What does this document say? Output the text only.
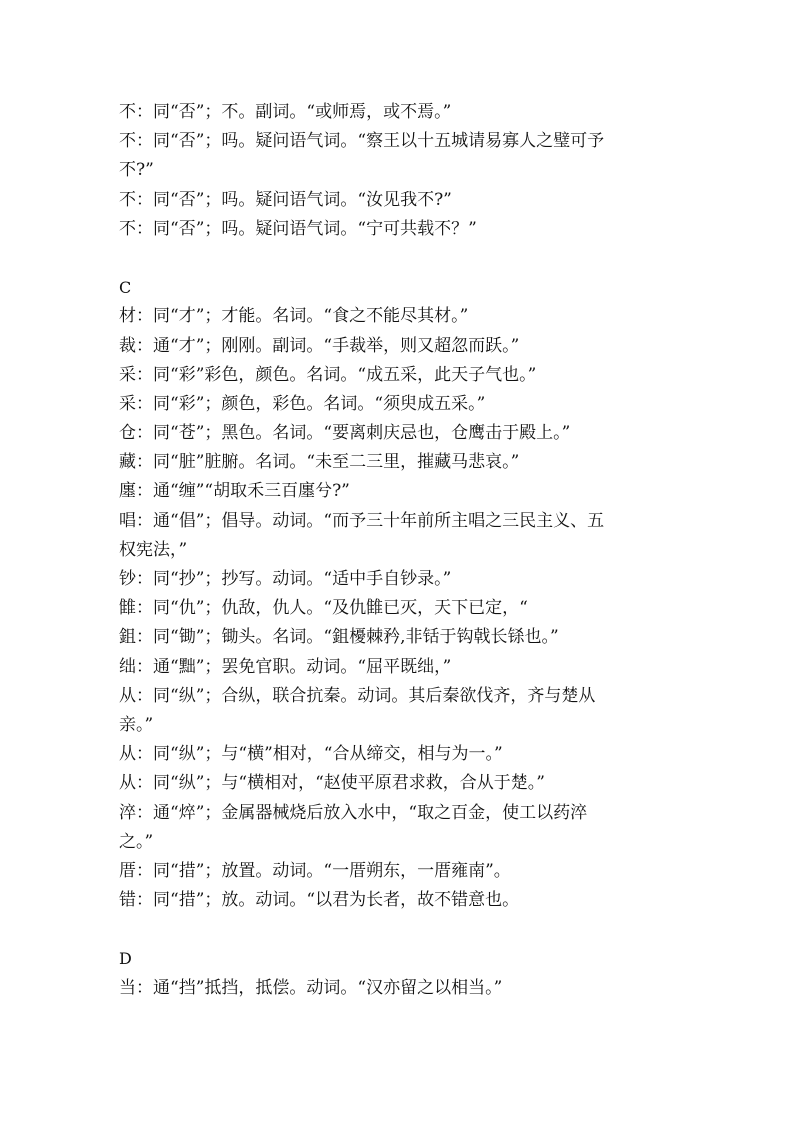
不：同“否”；不。副词。“或师焉，或不焉。”
不：同“否”；吗。疑问语气词。“察王以十五城请易寡人之璧可予
不?”
不：同“否”；吗。疑问语气词。“汝见我不?”
不：同“否”；吗。疑问语气词。“宁可共载不？”
C
材：同“才”；才能。名词。“食之不能尽其材。”
裁：通“才”；刚刚。副词。“手裁举，则又超忽而跃。”
采：同“彩”彩色，颜色。名词。“成五采，此天子气也。”
采：同“彩”；颜色，彩色。名词。“须臾成五采。”
仓：同“苍”；黑色。名词。“要离刺庆忌也，仓鹰击于殿上。”
藏：同“脏”脏腑。名词。“未至二三里，摧藏马悲哀。”
廛：通“缠”“胡取禾三百廛兮?”
唱：通“倡”；倡导。动词。“而予三十年前所主唱之三民主义、五
权宪法，”
钞：同“抄”；抄写。动词。“适中手自钞录。”
雔：同“仇”；仇敌，仇人。“及仇雔已灭，天下已定，“
鉏：同“锄”；锄头。名词。“鉏櫌棘矜,非铦于钩戟长铩也。”
绌：通“黜”；罢免官职。动词。“屈平既绌，”
从：同“纵”；合纵，联合抗秦。动词。其后秦欲伐齐，齐与楚从
亲。”
从：同“纵”；与“横”相对，“合从缔交，相与为一。”
从：同“纵”；与“横相对，“赵使平原君求救，合从于楚。”
淬：通“焠”；金属器械烧后放入水中，“取之百金，使工以药淬
之。”
厝：同“措”；放置。动词。“一厝朔东，一厝雍南”。
错：同“措”；放。动词。“以君为长者，故不错意也。
D
当：通“挡”抵挡，抵偿。动词。“汉亦留之以相当。”
